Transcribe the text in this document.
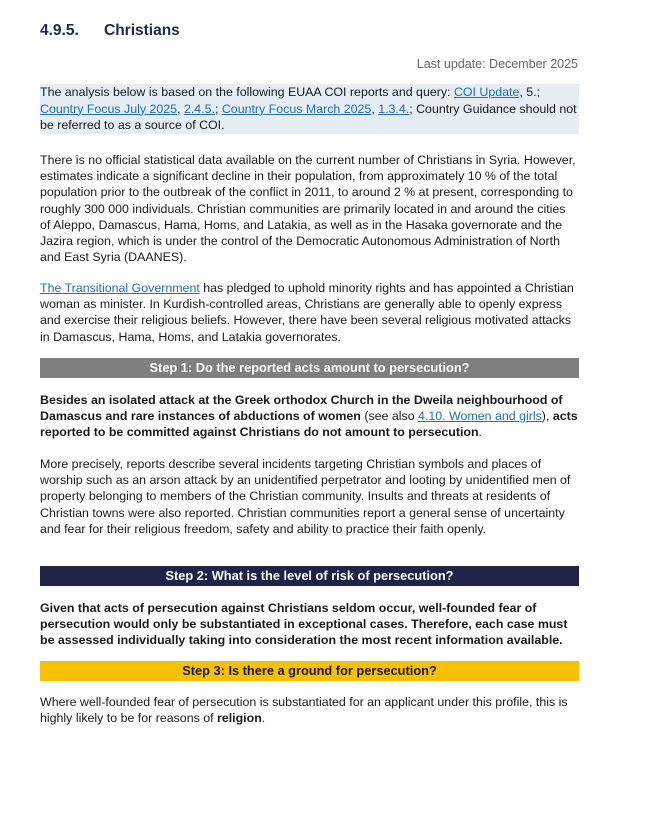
4.9.5. Christians
Last update: December 2025
The analysis below is based on the following EUAA COI reports and query: COI Update, 5.; Country Focus July 2025, 2.4.5.; Country Focus March 2025, 1.3.4.; Country Guidance should not be referred to as a source of COI.
There is no official statistical data available on the current number of Christians in Syria. However, estimates indicate a significant decline in their population, from approximately 10 % of the total population prior to the outbreak of the conflict in 2011, to around 2 % at present, corresponding to roughly 300 000 individuals. Christian communities are primarily located in and around the cities of Aleppo, Damascus, Hama, Homs, and Latakia, as well as in the Hasaka governorate and the Jazira region, which is under the control of the Democratic Autonomous Administration of North and East Syria (DAANES).
The Transitional Government has pledged to uphold minority rights and has appointed a Christian woman as minister. In Kurdish-controlled areas, Christians are generally able to openly express and exercise their religious beliefs. However, there have been several religious motivated attacks in Damascus, Hama, Homs, and Latakia governorates.
Step 1: Do the reported acts amount to persecution?
Besides an isolated attack at the Greek orthodox Church in the Dweila neighbourhood of Damascus and rare instances of abductions of women (see also 4.10. Women and girls), acts reported to be committed against Christians do not amount to persecution.
More precisely, reports describe several incidents targeting Christian symbols and places of worship such as an arson attack by an unidentified perpetrator and looting by unidentified men of property belonging to members of the Christian community. Insults and threats at residents of Christian towns were also reported. Christian communities report a general sense of uncertainty and fear for their religious freedom, safety and ability to practice their faith openly.
Step 2: What is the level of risk of persecution?
Given that acts of persecution against Christians seldom occur, well-founded fear of persecution would only be substantiated in exceptional cases. Therefore, each case must be assessed individually taking into consideration the most recent information available.
Step 3: Is there a ground for persecution?
Where well-founded fear of persecution is substantiated for an applicant under this profile, this is highly likely to be for reasons of religion.
